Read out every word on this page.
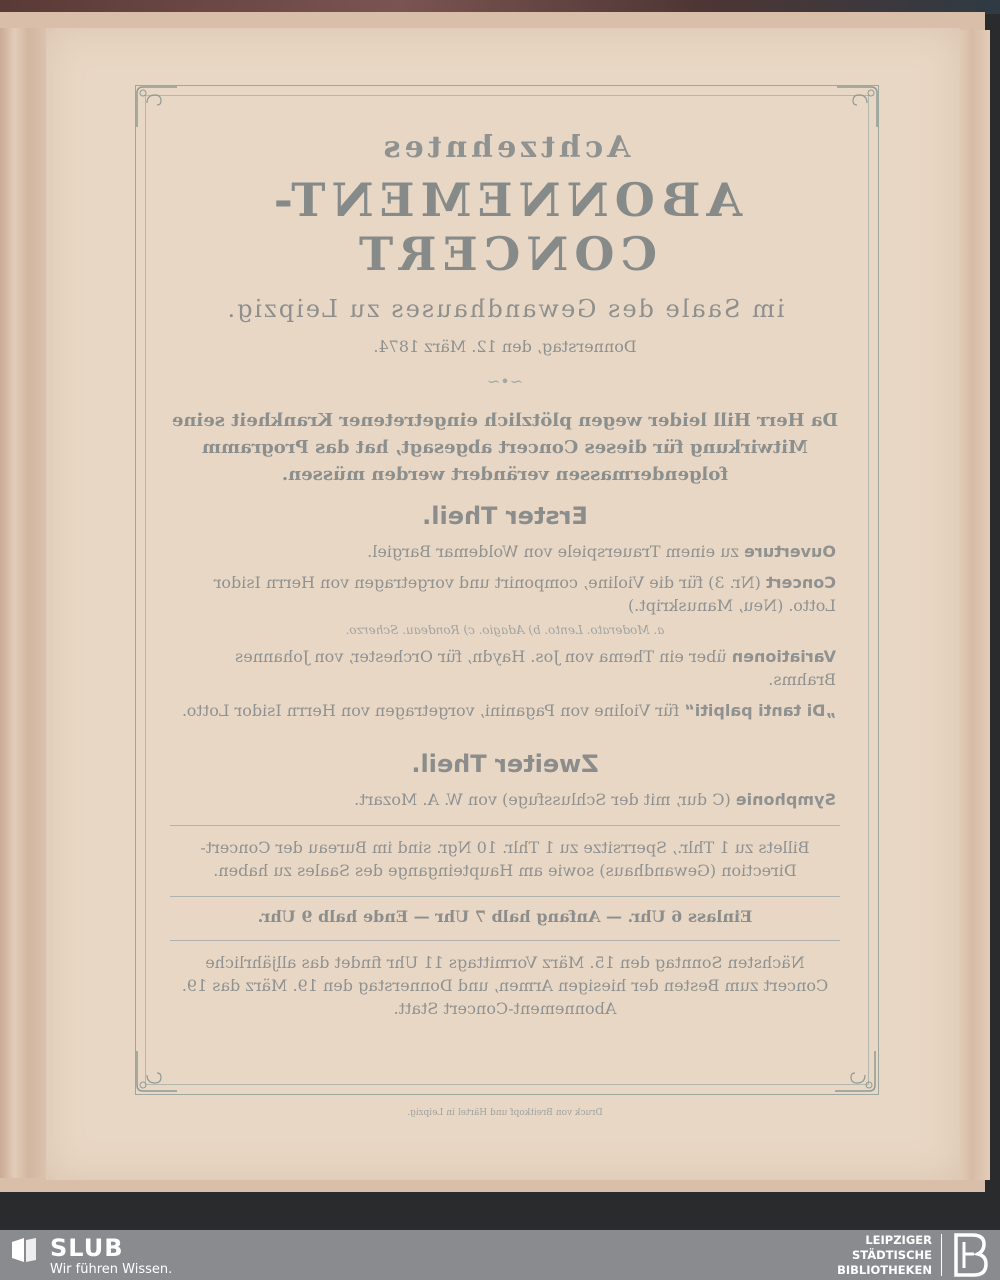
Achtzehntes
ABONNEMENT-CONCERT
im Saale des Gewandhauses zu Leipzig.
Donnerstag, den 12. März 1874.
~•~
Da Herr Hill leider wegen plötzlich eingetretener Krankheit seine Mitwirkung für dieses Concert abgesagt, hat das Programm folgendermassen verändert werden müssen.
Erster Theil.
Ouverture zu einem Trauerspiele von Woldemar Bargiel.
Concert (Nr. 3) für die Violine, componirt und vorgetragen von Herrn Isidor Lotto. (Neu, Manuskript.)
a. Moderato. Lento. b) Adagio. c) Rondeau. Scherzo.
Variationen über ein Thema von Jos. Haydn, für Orchester, von Johannes Brahms.
„Di tanti palpiti“ für Violine von Paganini, vorgetragen von Herrn Isidor Lotto.
Zweiter Theil.
Symphonie (C dur, mit der Schlussfuge) von W. A. Mozart.
Billets zu 1 Thlr., Sperrsitze zu 1 Thlr. 10 Ngr. sind im Bureau der Concert-Direction (Gewandhaus) sowie am Haupteingange des Saales zu haben.
Einlass 6 Uhr. — Anfang halb 7 Uhr — Ende halb 9 Uhr.
Nächsten Sonntag den 15. März Vormittags 11 Uhr findet das alljährliche Concert zum Besten der hiesigen Armen, und Donnerstag den 19. März das 19. Abonnement-Concert Statt.
Druck von Breitkopf und Härtel in Leipzig.
SLUB
Wir führen Wissen.
LEIPZIGER
STÄDTISCHE
BIBLIOTHEKEN
